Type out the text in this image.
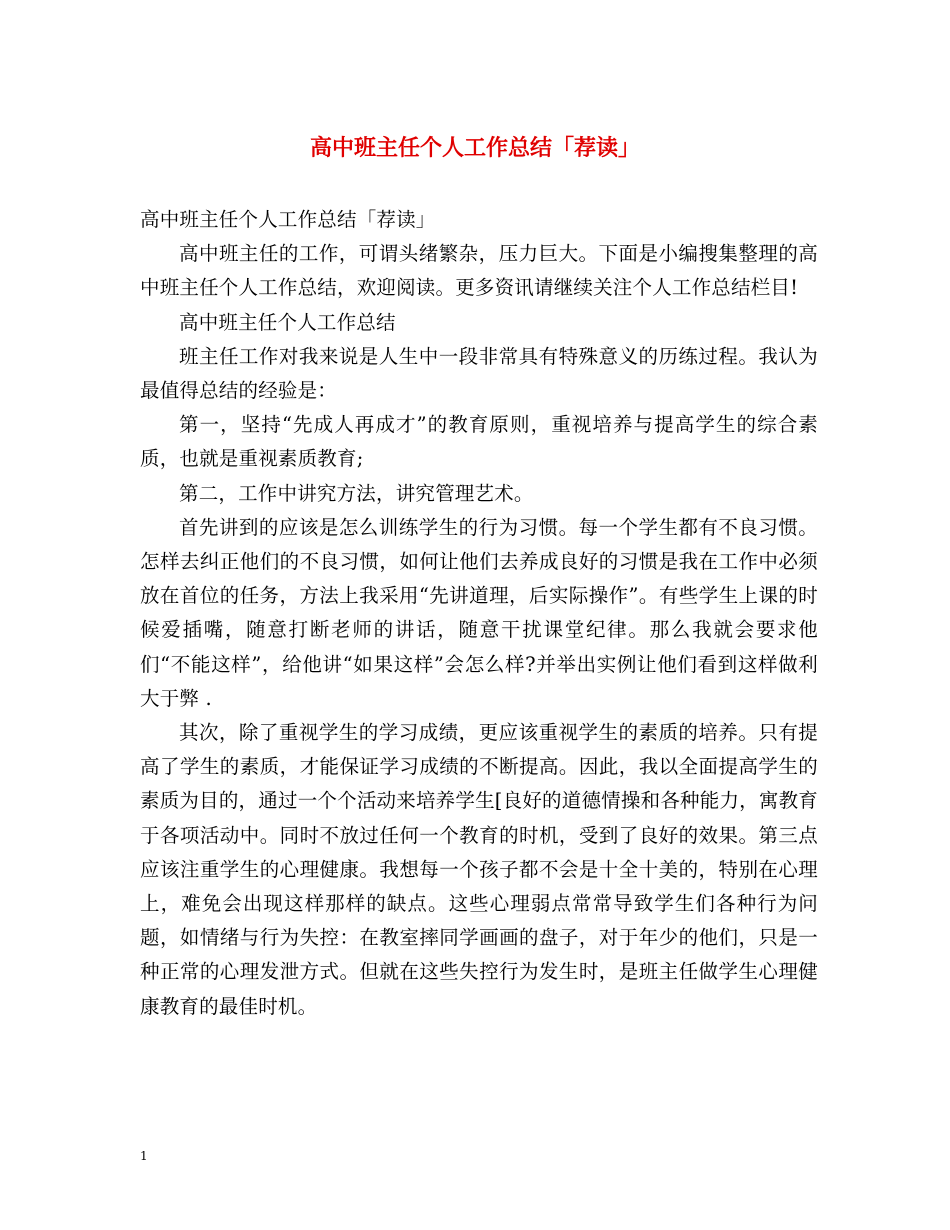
高中班主任个人工作总结「荐读」

高中班主任个人工作总结「荐读」

高中班主任的工作，可谓头绪繁杂，压力巨大。下面是小编搜集整理的高中班主任个人工作总结，欢迎阅读。更多资讯请继续关注个人工作总结栏目!

高中班主任个人工作总结

班主任工作对我来说是人生中一段非常具有特殊意义的历练过程。我认为最值得总结的经验是：

第一，坚持“先成人再成才”的教育原则，重视培养与提高学生的综合素质，也就是重视素质教育;

第二，工作中讲究方法，讲究管理艺术。

首先讲到的应该是怎么训练学生的行为习惯。每一个学生都有不良习惯。怎样去纠正他们的不良习惯，如何让他们去养成良好的习惯是我在工作中必须放在首位的任务，方法上我采用“先讲道理，后实际操作”。有些学生上课的时候爱插嘴，随意打断老师的讲话，随意干扰课堂纪律。那么我就会要求他们“不能这样”，给他讲“如果这样”会怎么样?并举出实例让他们看到这样做利大于弊 .

其次，除了重视学生的学习成绩，更应该重视学生的素质的培养。只有提高了学生的素质，才能保证学习成绩的不断提高。因此，我以全面提高学生的素质为目的，通过一个个活动来培养学生[良好的道德情操和各种能力，寓教育于各项活动中。同时不放过任何一个教育的时机，受到了良好的效果。第三点应该注重学生的心理健康。我想每一个孩子都不会是十全十美的，特别在心理上，难免会出现这样那样的缺点。这些心理弱点常常导致学生们各种行为问题，如情绪与行为失控：在教室摔同学画画的盘子，对于年少的他们，只是一种正常的心理发泄方式。但就在这些失控行为发生时，是班主任做学生心理健康教育的最佳时机。

1
